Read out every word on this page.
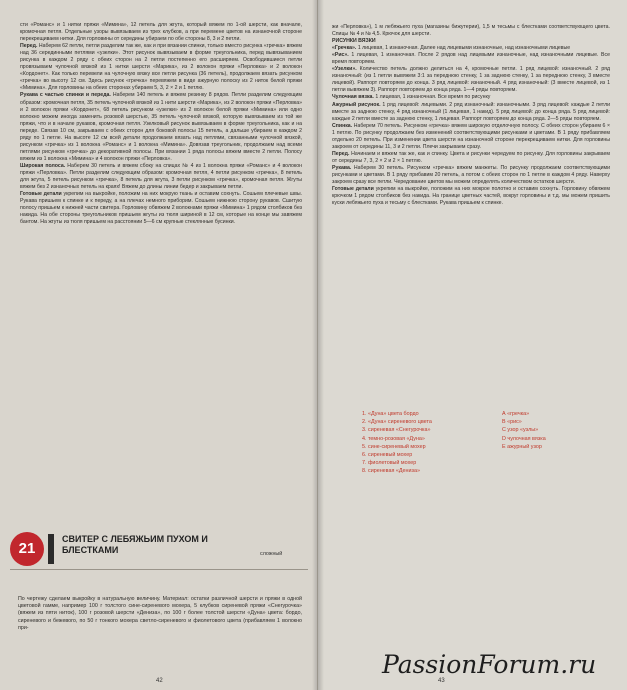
сти «Романс» и 1 нитки пряжи «Мимина», 12 петель для жгута, который вяжем по 1-ой шерсти, как вначале, кромочная петля. Отдельные узоры вывязываем из трех клубков, а при перемене цветов на изнаночной стороне перекрещиваем нитки. Для горловины от середины убираем по обе стороны 8, 3 и 2 петли.

Перед. Наберем 62 петли, петли разделим так же, как и при вязании спинки, только вместо рисунка «гречка» вяжем над 36 серединными петлями «узелки». Этот рисунок вывязываем в форме треугольника, перед вывязыванием рисунка в каждом 2 ряду с обеих сторон на 2 петли постепенно его расширяем. Освободившиеся петли провязываем чулочной вязкой из 1 нитки шерсти «Марика», из 2 волокон пряжи «Перловка» и 2 волокон «Кордонет». Как только перевели на чулочную вязку все петли рисунка (36 петель), продолжаем вязать рисунком «гречка» во высоту 12 см. Здесь рисунок «гречка» перевяжем в виде ажурную полоску из 2 ниток белой пряжи «Мимина». Для горловины на обеих сторонах убираем 5, 3, 2 × 2 и 1 петлю.

Рукава с частью спинки и переда. Наберем 140 петель и вяжем резинку 8 рядов. Петли разделим следующим образом: кромочная петля, 35 петель чулочной вязкой из 1 нити шерсти «Марика», из 2 волокон пряжи «Перловка» и 2 волокон пряжи «Кордонет», 68 петель рисунком «узелки» из 2 волокон белой пряжи «Мимина» или одно волокно можем иногда заменить розовой шерстью, 35 петель чулочной вязкой, которую вывязываем из той же пряжи, что и в начале рукавов, кромочная петля. Узелковый рисунок вывязываем в форме треугольника, как и на переде. Связав 10 см, закрываем с обеих сторон для боковой полосы 15 петель, а дальше убираем в каждом 2 ряду по 1 петле. На высоте 12 см всей детали продолжаем вязать над петлями, связанными чулочной вязкой, рисунком «гречка» из 1 волокна «Романс» и 1 волокна «Мимина». Довязав треугольник, продолжаем над всеми петлями рисунком «гречка» до декоративной полосы. При вязании 1 ряда полосы вяжем вместе 2 петли. Полосу вяжем из 1 волокна «Мимина» и 4 волокон пряжи «Перловка».

Широкая полоса. Наберем 30 петель и вяжем сбоку на спицах № 4 из 1 волокна пряжи «Романс» и 4 волокон пряжи «Перловка». Петли разделим следующим образом: кромочная петля, 4 петли рисунком «гречка», 8 петель для жгута, 5 петель рисунком «гречка», 8 петель для жгута, 3 петли рисунком «гречка», кромочная петля. Жгуты вяжем без 2 изнаночных петель на краях! Вяжем до длины линии бедер и закрываем петли.

Готовые детали укрепим на выкройке, положим на них мокрую ткань и оставим сохнуть. Сошьем плечевые швы. Рукава пришьем к спинке и к переду, а на плечах немного приборим. Сошьем нижнюю сторону рукавов. Сшитую полосу пришьем к нижней части свитера. Горловину обвяжем 2 волокнами пряжи «Мимина» 1 рядом столбиков без накида. На обе стороны треугольников пришьем жгуты из тюля шириной в 12 см, которые на конце мы завяжем бантом. На жгуты из тюля пришьем на расстоянии 5—6 см крупные стеклянные бусинки.

21
СВИТЕР С ЛЕБЯЖЬИМ ПУХОМ И БЛЕСТКАМИ	сложный
По чертежу сделаем выкройку в натуральную величину. Материал: остатки различной шерсти и пряжи в одной цветовой гамме, например 100 г толстого сине-сиреневого мохера, 5 клубков сиреневой пряжи «Снегурочка» (вяжем из пяти ниток), 100 г розовой шерсти «Дениза», по 100 г более толстой шерсти «Дуна» цвета: бордо, сиреневого и бежевого, по 50 г тонкого мохера светло-сиреневого и фиолетового цвета (прибавляем 1 волокно при-
42

жи «Перловка»), 1 м лебяжьего пуха (магазины бижутерии), 1,5 м тесьмы с блестками соответствующего цвета. Спицы № 4 и № 4,5. Крючок для шерсти.

РИСУНКИ ВЯЗКИ

«Гречка». 1 лицевая, 1 изнаночная. Далее над лицевыми изнаночные, над изнаночными лицевые

«Рис». 1 лицевая, 1 изнаночная. После 2 рядов над лицевыми изнаночные, над изнаночными лицевые. Все время повторяем.

«Узелки». Количество петель должно делиться на 4, кромочные петли. 1 ряд лицевой: изнаночный. 2 ряд изнаночный: (из 1 петли вывяжем 3:1 за переднюю стенку, 1 за заднюю стенку, 1 за переднюю стенку, 3 вместе лицевой). Раппорт повторяем до конца. 3 ряд лицевой: изнаночный. 4 ряд изнаночный: (3 вместе лицевой, из 1 петли вывяжем 3). Раппорт повторяем до конца ряда. 1—4 ряды повторяем.

Чулочная вязка. 1 лицевая, 1 изнаночная. Все время по рисунку

Ажурный рисунок. 1 ряд лицевой: лицевыми. 2 ряд изнаночный: изнаночными. 3 ряд лицевой: каждые 2 петли вместе за заднюю стенку, 4 ряд изнаночный (1 лицевая, 1 накид). 5 ряд лицевой: до конца ряда. 5 ряд лицевой: каждые 2 петли вместе за заднюю стенку, 1 лицевая. Раппорт повторяем до конца ряда. 2—5 ряды повторяем.

Спинка. Наберем 70 петель. Рисунком «гречка» вяжем широкую отделочную полосу. С обеих сторон убираем 6 × 1 петлю. По рисунку продолжаем без изменений соответствующими рисунками и цветами. В 1 ряду прибавляем отдельно 20 петель. При изменении цвета шерсти на изнаночной стороне перекрещиваем нитки. Для горловины закроем от середины 11, 3 и 2 петли. Плечи закрываем сразу.

Перед. Начинаем и вяжем так же, как и спинку. Цвета и рисунки чередуем по рисунку. Для горловины закрываем от середины 7, 3, 2 × 2 и 2 × 1 петлю.

Рукава. Наберем 30 петель. Рисунком «гречка» вяжем манжеты. По рисунку продолжаем соответствующими рисунками и цветами. В 1 ряду прибавим 20 петель, а потом с обеих сторон по 1 петле в каждом 4 ряду. Наверху закроем сразу все петли. Чередование цветов мы можем определять количеством остатков шерсти.

Готовые детали укрепим на выкройке, положим на них мокрое полотно и оставим сохнуть. Горловину обвяжем крючком 1 рядом столбиков без накида. На границе цветных частей, вокруг горловины и т.д. мы можем пришить куски лебяжьего пуха и тесьму с блестками. Рукава пришьем к спинке.

1. «Дуна» цвета бордо
2. «Дуна» сиреневого цвета
3. сиреневая «Снегурочка»
4. темно-розовая «Дуна»
5. сине-сиреневый мохер
6. сиреневый мохер
7. фиолетовый мохер
8. сиреневая «Дениза»
А «гречка»
В «рис»
С узор «узлы»
D чулочная вязка
Е ажурный узор
43
PassionForum.ru
